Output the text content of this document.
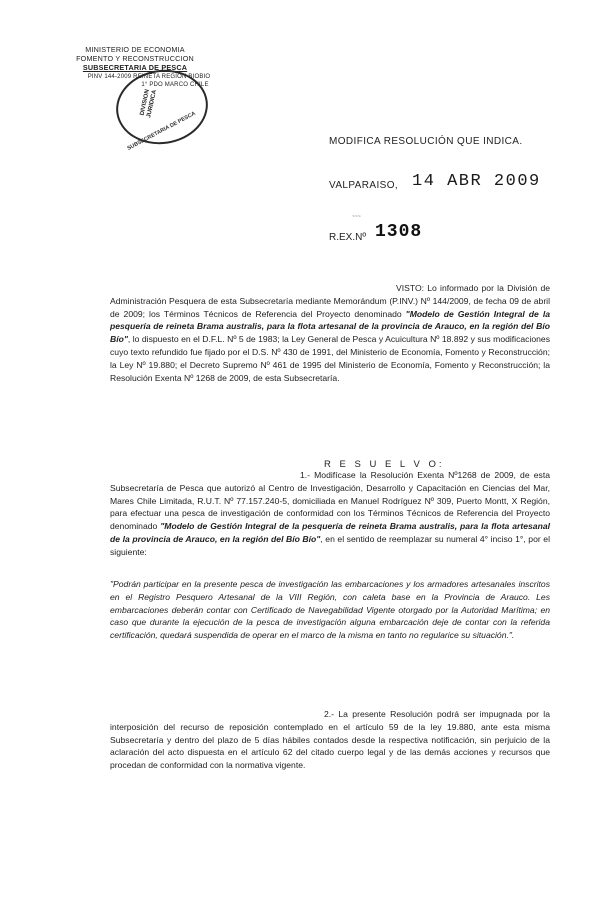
MINISTERIO DE ECONOMIA
FOMENTO Y RECONSTRUCCION
SUBSECRETARIA DE PESCA
PINV 144-2009 REINETA REGION BIOBIO
1° PDO MARCO CHILE
SUBSECRETARIA DE PESCA
DIVISION JURIDICA
MODIFICA RESOLUCIÓN QUE INDICA.
VALPARAISO, 14 ABR 2009
~~~
R.EX.Nº 1308
VISTO: Lo informado por la División de Administración Pesquera de esta Subsecretaría mediante Memorándum (P.INV.) Nº 144/2009, de fecha 09 de abril de 2009; los Términos Técnicos de Referencia del Proyecto denominado "Modelo de Gestión Integral de la pesquería de reineta Brama australis, para la flota artesanal de la provincia de Arauco, en la región del Bío Bío", lo dispuesto en el D.F.L. Nº 5 de 1983; la Ley General de Pesca y Acuicultura Nº 18.892 y sus modificaciones cuyo texto refundido fue fijado por el D.S. Nº 430 de 1991, del Ministerio de Economía, Fomento y Reconstrucción; la Ley Nº 19.880; el Decreto Supremo Nº 461 de 1995 del Ministerio de Economía, Fomento y Reconstrucción; la Resolución Exenta Nº 1268 de 2009, de esta Subsecretaría.
R E S U E L V O:
1.- Modifícase la Resolución Exenta Nº1268 de 2009, de esta Subsecretaría de Pesca que autorizó al Centro de Investigación, Desarrollo y Capacitación en Ciencias del Mar, Mares Chile Limitada, R.U.T. Nº 77.157.240-5, domiciliada en Manuel Rodríguez Nº 309, Puerto Montt, X Región, para efectuar una pesca de investigación de conformidad con los Términos Técnicos de Referencia del Proyecto denominado "Modelo de Gestión Integral de la pesquería de reineta Brama australis, para la flota artesanal de la provincia de Arauco, en la región del Bío Bío", en el sentido de reemplazar su numeral 4° inciso 1°, por el siguiente:
"Podrán participar en la presente pesca de investigación las embarcaciones y los armadores artesanales inscritos en el Registro Pesquero Artesanal de la VIII Región, con caleta base en la Provincia de Arauco. Les embarcaciones deberán contar con Certificado de Navegabilidad Vigente otorgado por la Autoridad Marítima; en caso que durante la ejecución de la pesca de investigación alguna embarcación deje de contar con la referida certificación, quedará suspendida de operar en el marco de la misma en tanto no regularice su situación.".
2.- La presente Resolución podrá ser impugnada por la interposición del recurso de reposición contemplado en el artículo 59 de la ley 19.880, ante esta misma Subsecretaría y dentro del plazo de 5 días hábiles contados desde la respectiva notificación, sin perjuicio de la aclaración del acto dispuesta en el artículo 62 del citado cuerpo legal y de las demás acciones y recursos que procedan de conformidad con la normativa vigente.
